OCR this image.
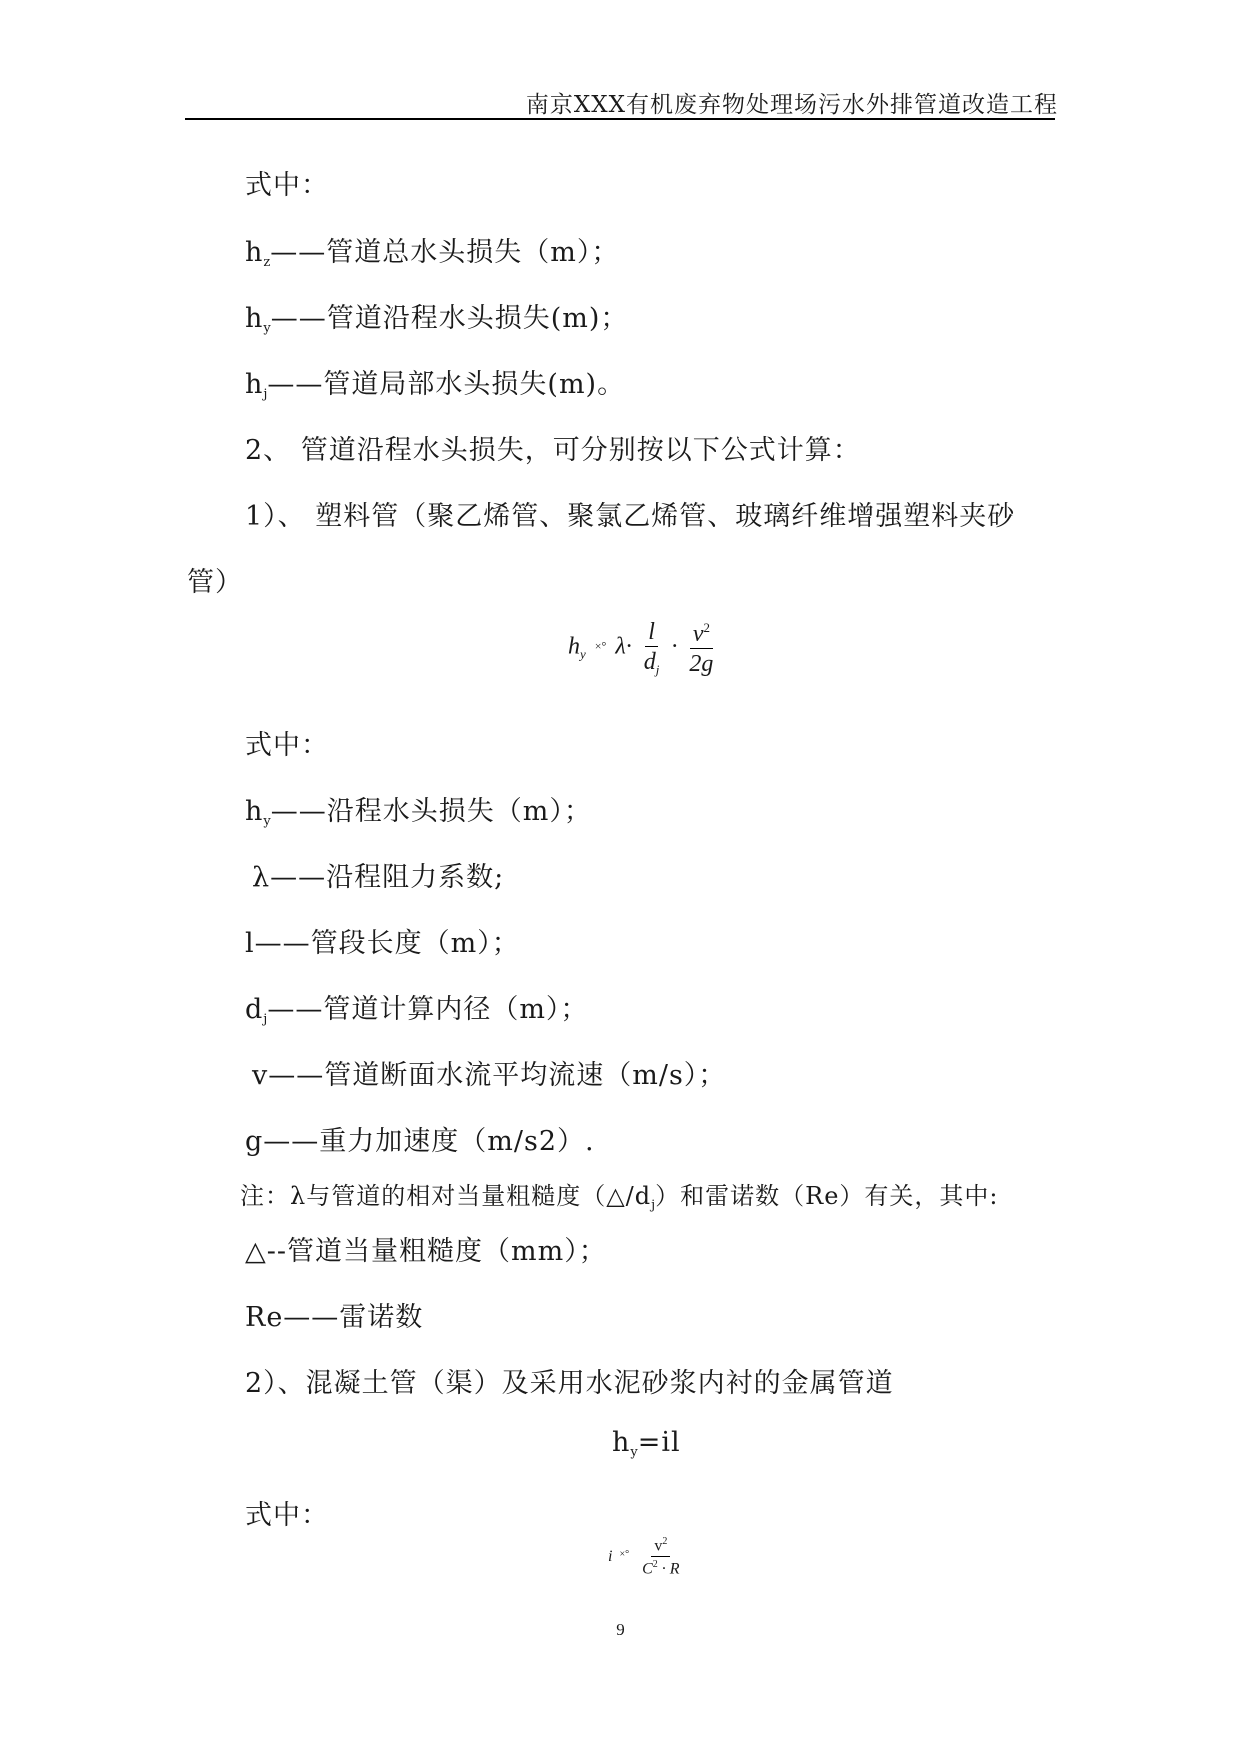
南京XXX有机废弃物处理场污水外排管道改造工程
式中：
$h_z——$管道总水头损失（m）；
$h_y——$管道沿程水头损失(m)；
$h_j——$管道局部水头损失(m)。
2、 管道沿程水头损失，可分别按以下公式计算：
1）、 塑料管（聚乙烯管、聚氯乙烯管、玻璃纤维增强塑料夹砂
管）
$h_y$ ×° $\lambda\cdot \frac{l}{d_j} \cdot \frac{v^2}{2g}$
式中：
$h_y——$沿程水头损失（m）；
λ——沿程阻力系数;
l——管段长度（m）；
$d_j——$管道计算内径（m）；
v——管道断面水流平均流速（m/s）；
g——重力加速度（m/s2）.
注：λ与管道的相对当量粗糙度$(\triangle/d_j)$和雷诺数（Re）有关，其中:
△--管道当量粗糙度（mm）；
Re——雷诺数
2）、混凝土管（渠）及采用水泥砂浆内衬的金属管道
$h_y=il$
式中：
i $^{\times^\circ} \frac{v^2}{C^2 \cdot R}$
9
